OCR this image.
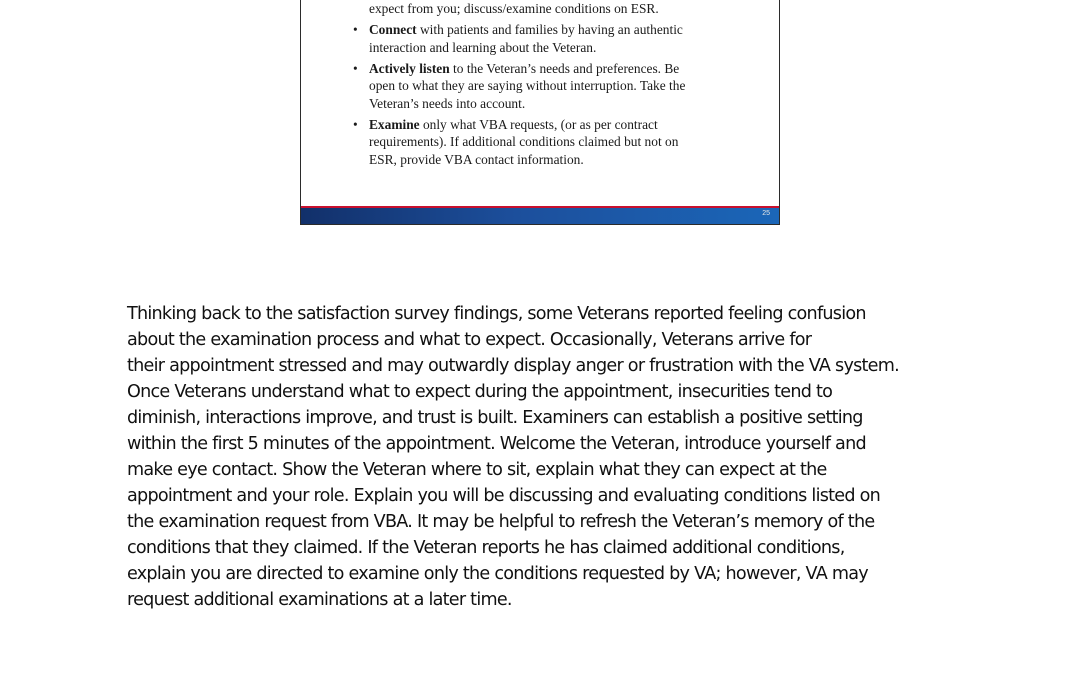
expect from you; discuss/examine conditions on ESR.
• Connect with patients and families by having an authentic
interaction and learning about the Veteran.
• Actively listen to the Veteran’s needs and preferences. Be
open to what they are saying without interruption. Take the
Veteran’s needs into account.
• Examine only what VBA requests, (or as per contract
requirements). If additional conditions claimed but not on
ESR, provide VBA contact information.
25
Thinking back to the satisfaction survey findings, some Veterans reported feeling confusion
about the examination process and what to expect. Occasionally, Veterans arrive for
their appointment stressed and may outwardly display anger or frustration with the VA system.
Once Veterans understand what to expect during the appointment, insecurities tend to
diminish, interactions improve, and trust is built. Examiners can establish a positive setting
within the first 5 minutes of the appointment. Welcome the Veteran, introduce yourself and
make eye contact. Show the Veteran where to sit, explain what they can expect at the
appointment and your role. Explain you will be discussing and evaluating conditions listed on
the examination request from VBA. It may be helpful to refresh the Veteran’s memory of the
conditions that they claimed. If the Veteran reports he has claimed additional conditions,
explain you are directed to examine only the conditions requested by VA; however, VA may
request additional examinations at a later time.
